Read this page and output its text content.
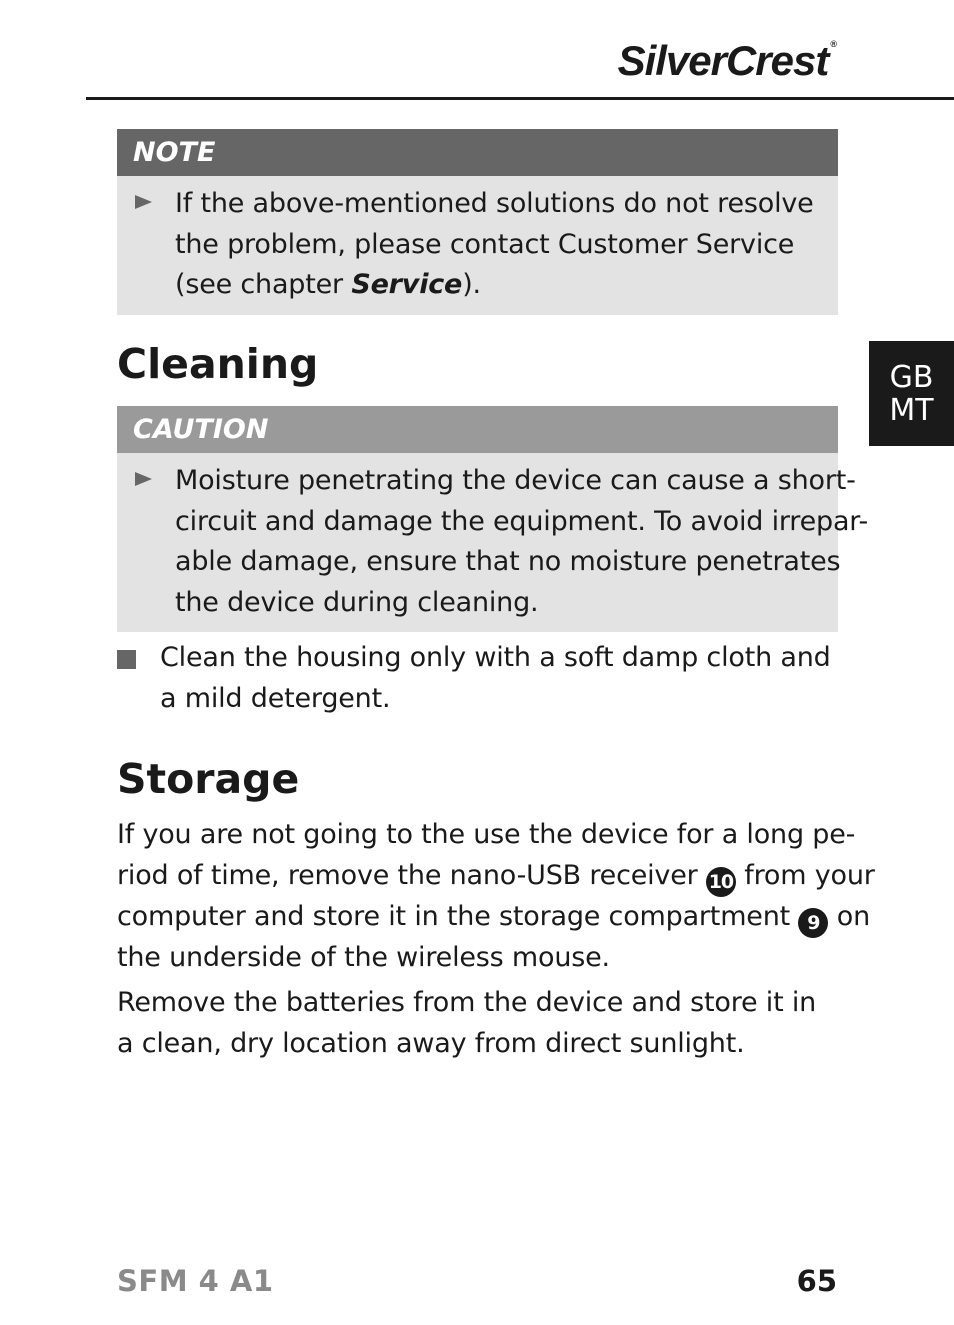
SilverCrest ®
NOTE
If the above-mentioned solutions do not resolve
the problem, please contact Customer Service
(see chapter Service).
Cleaning
CAUTION
Moisture penetrating the device can cause a short-
circuit and damage the equipment. To avoid irrepar-
able damage, ensure that no moisture penetrates
the device during cleaning.
Clean the housing only with a soft damp cloth and
a mild detergent.
Storage
If you are not going to the use the device for a long pe-
riod of time, remove the nano-USB receiver 10 from your
computer and store it in the storage compartment 9 on
the underside of the wireless mouse.
Remove the batteries from the device and store it in
a clean, dry location away from direct sunlight.
GB
MT
SFM 4 A1	65
